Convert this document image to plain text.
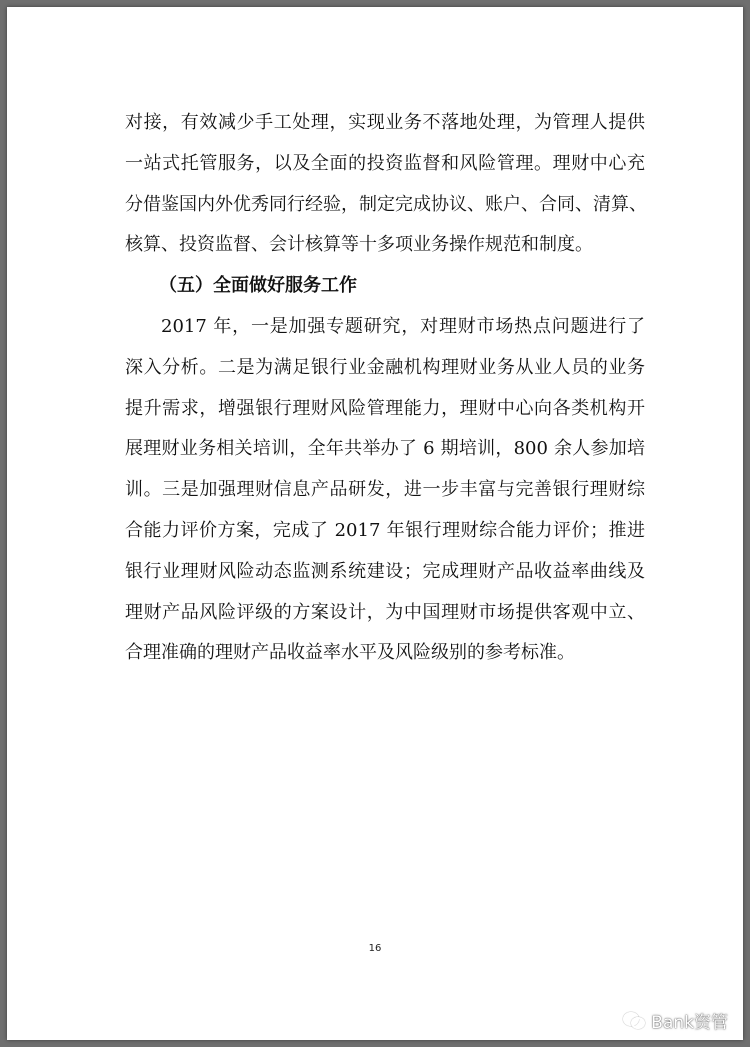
对接，有效减少手工处理，实现业务不落地处理，为管理人提供
一站式托管服务，以及全面的投资监督和风险管理。理财中心充
分借鉴国内外优秀同行经验，制定完成协议、账户、合同、清算、
核算、投资监督、会计核算等十多项业务操作规范和制度。
（五）全面做好服务工作
2017 年，一是加强专题研究，对理财市场热点问题进行了
深入分析。二是为满足银行业金融机构理财业务从业人员的业务
提升需求，增强银行理财风险管理能力，理财中心向各类机构开
展理财业务相关培训，全年共举办了 6 期培训，800 余人参加培
训。三是加强理财信息产品研发，进一步丰富与完善银行理财综
合能力评价方案，完成了 2017 年银行理财综合能力评价；推进
银行业理财风险动态监测系统建设；完成理财产品收益率曲线及
理财产品风险评级的方案设计，为中国理财市场提供客观中立、
合理准确的理财产品收益率水平及风险级别的参考标准。
16
Bank资管
